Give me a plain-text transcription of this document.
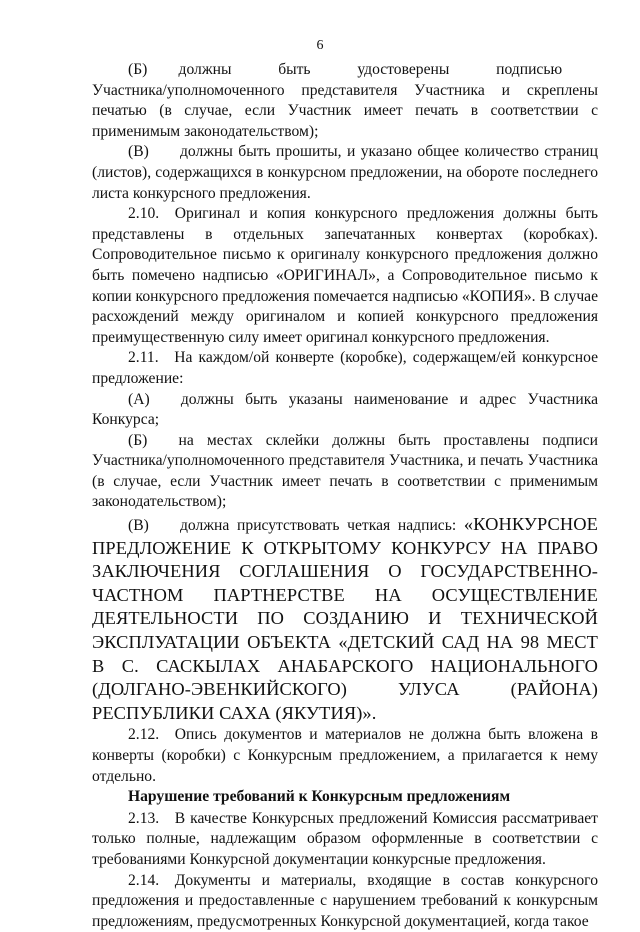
6

(Б)  должны   быть   удостоверены   подписью Участника/уполномоченного представителя Участника и скреплены печатью (в случае, если Участник имеет печать в соответствии с применимым законодательством);

(В)  должны быть прошиты, и указано общее количество страниц (листов), содержащихся в конкурсном предложении, на обороте последнего листа конкурсного предложения.

2.10. Оригинал и копия конкурсного предложения должны быть представлены в отдельных запечатанных конвертах (коробках). Сопроводительное письмо к оригиналу конкурсного предложения должно быть помечено надписью «ОРИГИНАЛ», а Сопроводительное письмо к копии конкурсного предложения помечается надписью «КОПИЯ». В случае расхождений между оригиналом и копией конкурсного предложения преимущественную силу имеет оригинал конкурсного предложения.

2.11. На каждом/ой конверте (коробке), содержащем/ей конкурсное предложение:

(А)  должны быть указаны наименование и адрес Участника Конкурса;

(Б)  на местах склейки должны быть проставлены подписи Участника/уполномоченного представителя Участника, и печать Участника (в случае, если Участник имеет печать в соответствии с применимым законодательством);

(В)  должна присутствовать четкая надпись: «КОНКУРСНОЕ ПРЕДЛОЖЕНИЕ К ОТКРЫТОМУ КОНКУРСУ НА ПРАВО ЗАКЛЮЧЕНИЯ СОГЛАШЕНИЯ О ГОСУДАРСТВЕННО-ЧАСТНОМ ПАРТНЕРСТВЕ НА ОСУЩЕСТВЛЕНИЕ ДЕЯТЕЛЬНОСТИ ПО СОЗДАНИЮ И ТЕХНИЧЕСКОЙ ЭКСПЛУАТАЦИИ ОБЪЕКТА «ДЕТСКИЙ САД НА 98 МЕСТ В С. САСКЫЛАХ АНАБАРСКОГО НАЦИОНАЛЬНОГО (ДОЛГАНО-ЭВЕНКИЙСКОГО) УЛУСА (РАЙОНА) РЕСПУБЛИКИ САХА (ЯКУТИЯ)».

2.12. Опись документов и материалов не должна быть вложена в конверты (коробки) с Конкурсным предложением, а прилагается к нему отдельно.

Нарушение требований к Конкурсным предложениям

2.13. В качестве Конкурсных предложений Комиссия рассматривает только полные, надлежащим образом оформленные в соответствии с требованиями Конкурсной документации конкурсные предложения.

2.14. Документы и материалы, входящие в состав конкурсного предложения и предоставленные с нарушением требований к конкурсным предложениям, предусмотренных Конкурсной документацией, когда такое
